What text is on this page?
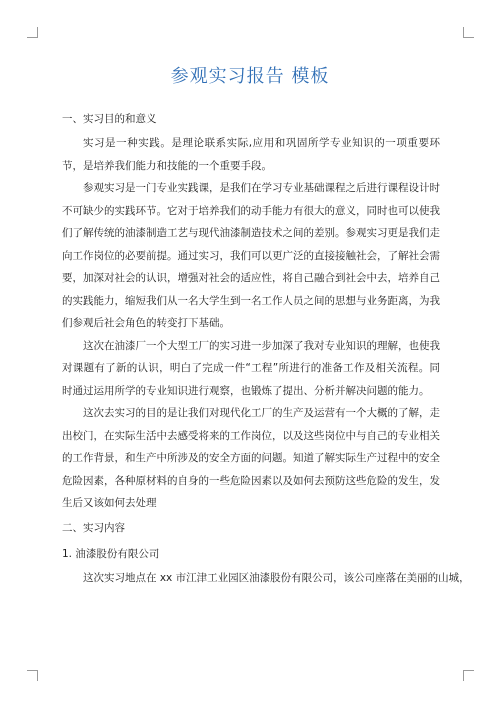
参观实习报告 模板

一、实习目的和意义

实习是一种实践。是理论联系实际,应用和巩固所学专业知识的一项重要环节，是培养我们能力和技能的一个重要手段。

参观实习是一门专业实践课，是我们在学习专业基础课程之后进行课程设计时不可缺少的实践环节。它对于培养我们的动手能力有很大的意义，同时也可以使我们了解传统的油漆制造工艺与现代油漆制造技术之间的差别。参观实习更是我们走向工作岗位的必要前提。通过实习，我们可以更广泛的直接接触社会，了解社会需要，加深对社会的认识，增强对社会的适应性，将自己融合到社会中去，培养自己的实践能力，缩短我们从一名大学生到一名工作人员之间的思想与业务距离，为我们参观后社会角色的转变打下基础。

这次在油漆厂一个大型工厂的实习进一步加深了我对专业知识的理解，也使我对课题有了新的认识，明白了完成一件“工程”所进行的准备工作及相关流程。同时通过运用所学的专业知识进行观察，也锻炼了提出、分析并解决问题的能力。

这次去实习的目的是让我们对现代化工厂的生产及运营有一个大概的了解，走出校门，在实际生活中去感受将来的工作岗位，以及这些岗位中与自己的专业相关的工作背景，和生产中所涉及的安全方面的问题。知道了解实际生产过程中的安全危险因素，各种原材料的自身的一些危险因素以及如何去预防这些危险的发生，发生后又该如何去处理

二、实习内容

1. 油漆股份有限公司

这次实习地点在 xx 市江津工业园区油漆股份有限公司，该公司座落在美丽的山城，
